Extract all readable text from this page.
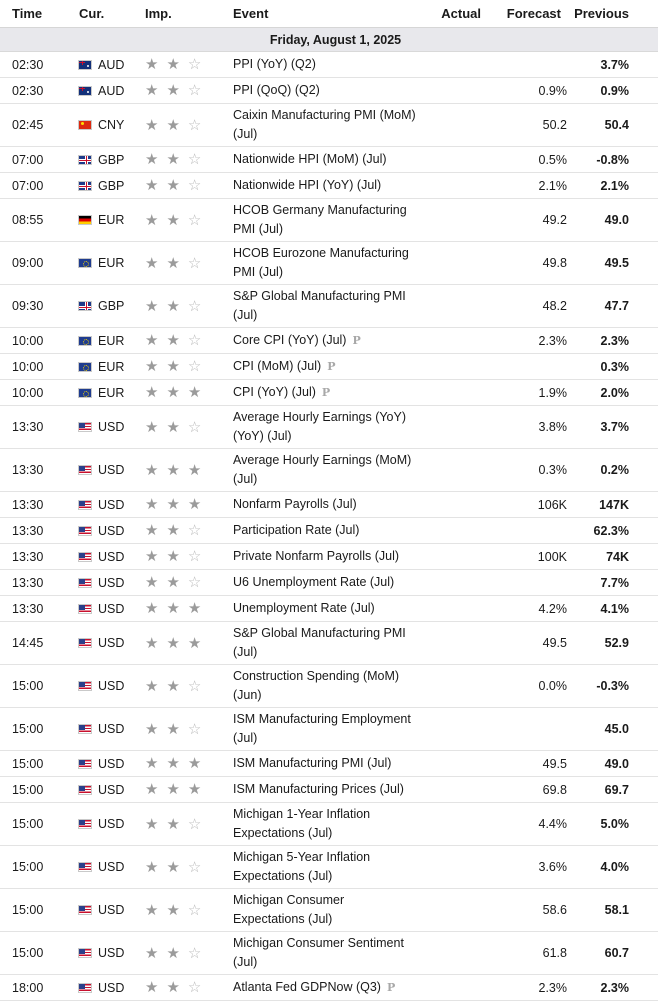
Time	Cur.	Imp.	Event	Actual	Forecast	Previous
Friday, August 1, 2025						
02:30	AUD	★ ★ ☆	PPI (YoY) (Q2)			3.7%
02:30	AUD	★ ★ ☆	PPI (QoQ) (Q2)		0.9%	0.9%
02:45	CNY	★ ★ ☆	Caixin Manufacturing PMI (MoM) (Jul)		50.2	50.4
07:00	GBP	★ ★ ☆	Nationwide HPI (MoM) (Jul)		0.5%	-0.8%
07:00	GBP	★ ★ ☆	Nationwide HPI (YoY) (Jul)		2.1%	2.1%
08:55	EUR	★ ★ ☆	HCOB Germany Manufacturing PMI (Jul)		49.2	49.0
09:00	EUR	★ ★ ☆	HCOB Eurozone Manufacturing PMI (Jul)		49.8	49.5
09:30	GBP	★ ★ ☆	S&P Global Manufacturing PMI (Jul)		48.2	47.7
10:00	EUR	★ ★ ☆	Core CPI (YoY) (Jul) P		2.3%	2.3%
10:00	EUR	★ ★ ☆	CPI (MoM) (Jul) P			0.3%
10:00	EUR	★ ★ ★	CPI (YoY) (Jul) P		1.9%	2.0%
13:30	USD	★ ★ ☆	Average Hourly Earnings (YoY) (YoY) (Jul)		3.8%	3.7%
13:30	USD	★ ★ ★	Average Hourly Earnings (MoM) (Jul)		0.3%	0.2%
13:30	USD	★ ★ ★	Nonfarm Payrolls (Jul)		106K	147K
13:30	USD	★ ★ ☆	Participation Rate (Jul)			62.3%
13:30	USD	★ ★ ☆	Private Nonfarm Payrolls (Jul)		100K	74K
13:30	USD	★ ★ ☆	U6 Unemployment Rate (Jul)			7.7%
13:30	USD	★ ★ ★	Unemployment Rate (Jul)		4.2%	4.1%
14:45	USD	★ ★ ★	S&P Global Manufacturing PMI (Jul)		49.5	52.9
15:00	USD	★ ★ ☆	Construction Spending (MoM) (Jun)		0.0%	-0.3%
15:00	USD	★ ★ ☆	ISM Manufacturing Employment (Jul)			45.0
15:00	USD	★ ★ ★	ISM Manufacturing PMI (Jul)		49.5	49.0
15:00	USD	★ ★ ★	ISM Manufacturing Prices (Jul)		69.8	69.7
15:00	USD	★ ★ ☆	Michigan 1-Year Inflation Expectations (Jul)		4.4%	5.0%
15:00	USD	★ ★ ☆	Michigan 5-Year Inflation Expectations (Jul)		3.6%	4.0%
15:00	USD	★ ★ ☆	Michigan Consumer Expectations (Jul)		58.6	58.1
15:00	USD	★ ★ ☆	Michigan Consumer Sentiment (Jul)		61.8	60.7
18:00	USD	★ ★ ☆	Atlanta Fed GDPNow (Q3) P		2.3%	2.3%
